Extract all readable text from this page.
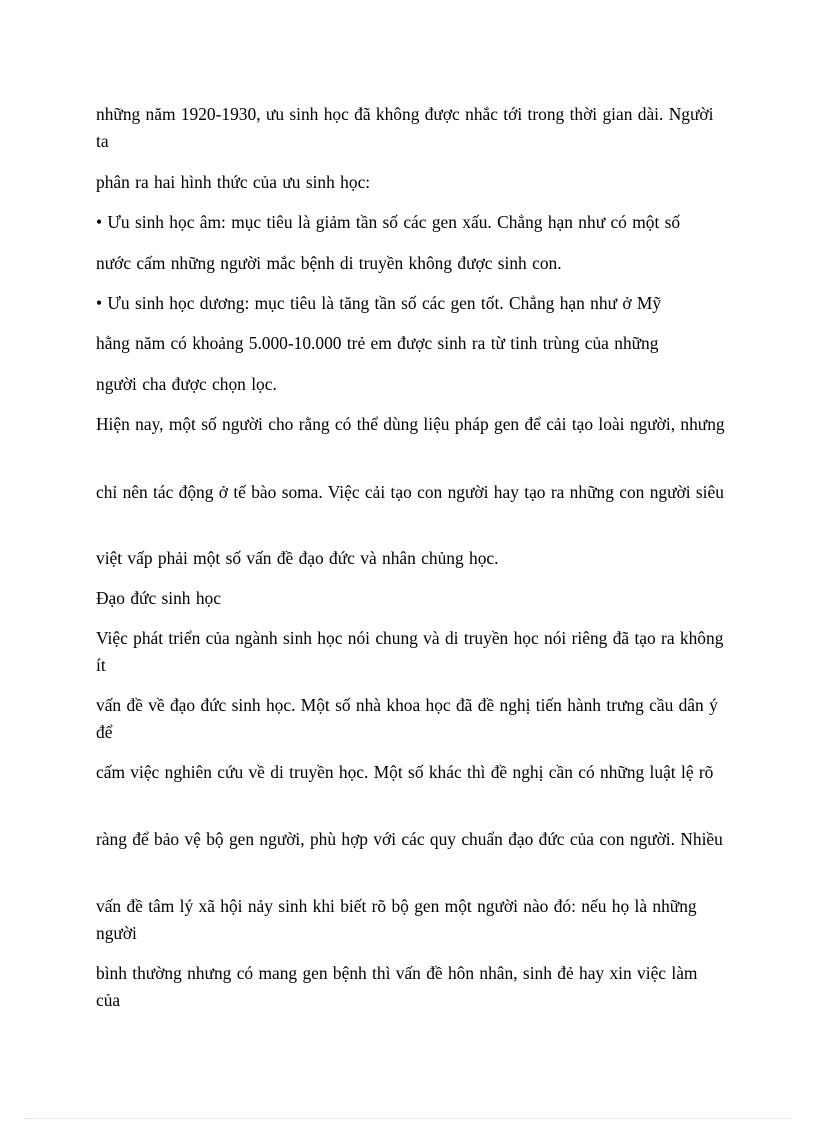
những năm 1920-1930, ưu sinh học đã không được nhắc tới trong thời gian dài. Người ta

phân ra hai hình thức của ưu sinh học:

• Ưu sinh học âm: mục tiêu là giảm tần số các gen xấu. Chẳng hạn như có một số

nước cấm những người mắc bệnh di truyền không được sinh con.

• Ưu sinh học dương: mục tiêu là tăng tần số các gen tốt. Chẳng hạn như ở Mỹ

hằng năm có khoảng 5.000-10.000 trẻ em được sinh ra từ tinh trùng của những

người cha được chọn lọc.

Hiện nay, một số người cho rằng có thể dùng liệu pháp gen để cải tạo loài người, nhưng

chỉ nên tác động ở tế bào soma. Việc cải tạo con người hay tạo ra những con người siêu

việt vấp phải một số vấn đề đạo đức và nhân chủng học.

Đạo đức sinh học

Việc phát triển của ngành sinh học nói chung và di truyền học nói riêng đã tạo ra không ít

vấn đề về đạo đức sinh học. Một số nhà khoa học đã đề nghị tiến hành trưng cầu dân ý để

cấm việc nghiên cứu về di truyền học. Một số khác thì đề nghị cần có những luật lệ rõ

ràng để bảo vệ bộ gen người, phù hợp với các quy chuẩn đạo đức của con người. Nhiều

vấn đề tâm lý xã hội nảy sinh khi biết rõ bộ gen một người nào đó: nếu họ là những người

bình thường nhưng có mang gen bệnh thì vấn đề hôn nhân, sinh đẻ hay xin việc làm của
